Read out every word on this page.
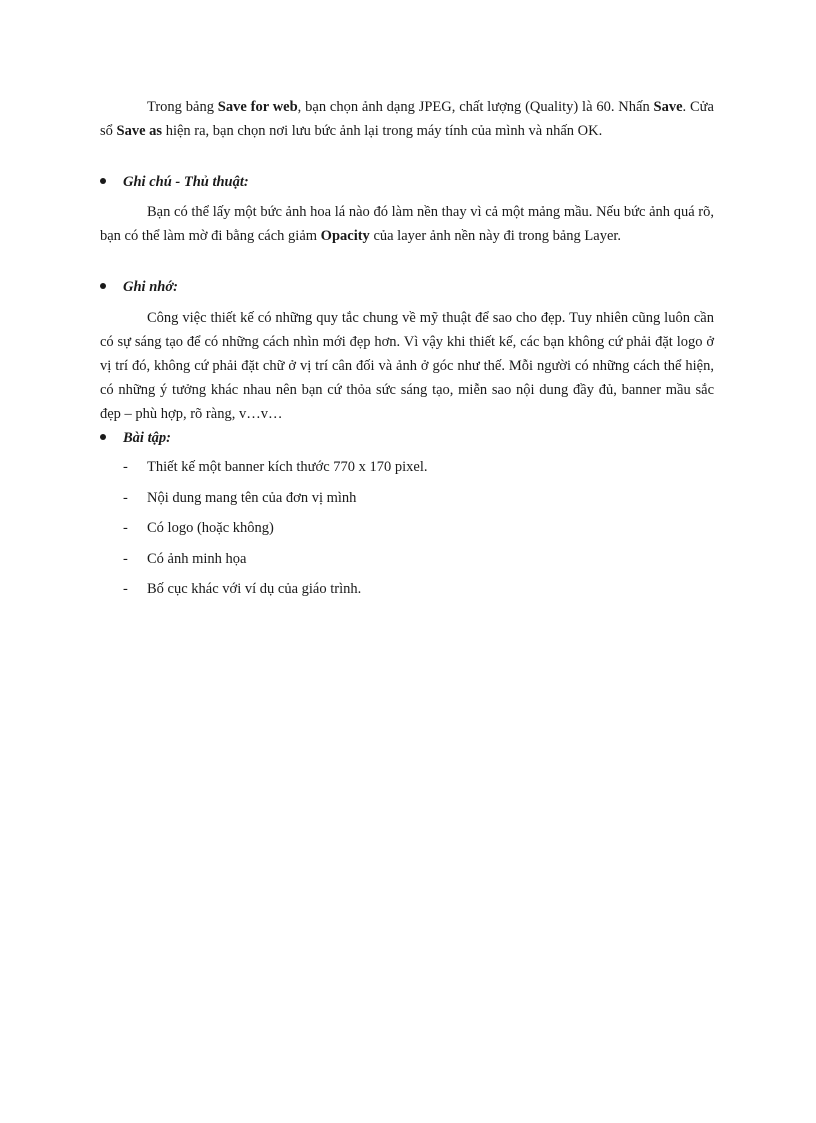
Trong bảng Save for web, bạn chọn ảnh dạng JPEG, chất lượng (Quality) là 60. Nhấn Save. Cửa sổ Save as hiện ra, bạn chọn nơi lưu bức ảnh lại trong máy tính của mình và nhấn OK.

Ghi chú - Thủ thuật:

Bạn có thể lấy một bức ảnh hoa lá nào đó làm nền thay vì cả một mảng mầu. Nếu bức ảnh quá rõ, bạn có thể làm mờ đi bằng cách giảm Opacity của layer ảnh nền này đi trong bảng Layer.

Ghi nhớ:

Công việc thiết kế có những quy tắc chung về mỹ thuật để sao cho đẹp. Tuy nhiên cũng luôn cần có sự sáng tạo để có những cách nhìn mới đẹp hơn. Vì vậy khi thiết kế, các bạn không cứ phải đặt logo ở vị trí đó, không cứ phải đặt chữ ở vị trí cân đối và ảnh ở góc như thế. Mỗi người có những cách thể hiện, có những ý tưởng khác nhau nên bạn cứ thỏa sức sáng tạo, miễn sao nội dung đầy đủ, banner mầu sắc đẹp – phù hợp, rõ ràng, v…v…

Bài tập:

- Thiết kế một banner kích thước 770 x 170 pixel.
- Nội dung mang tên của đơn vị mình
- Có logo (hoặc không)
- Có ảnh minh họa
- Bố cục khác với ví dụ của giáo trình.
